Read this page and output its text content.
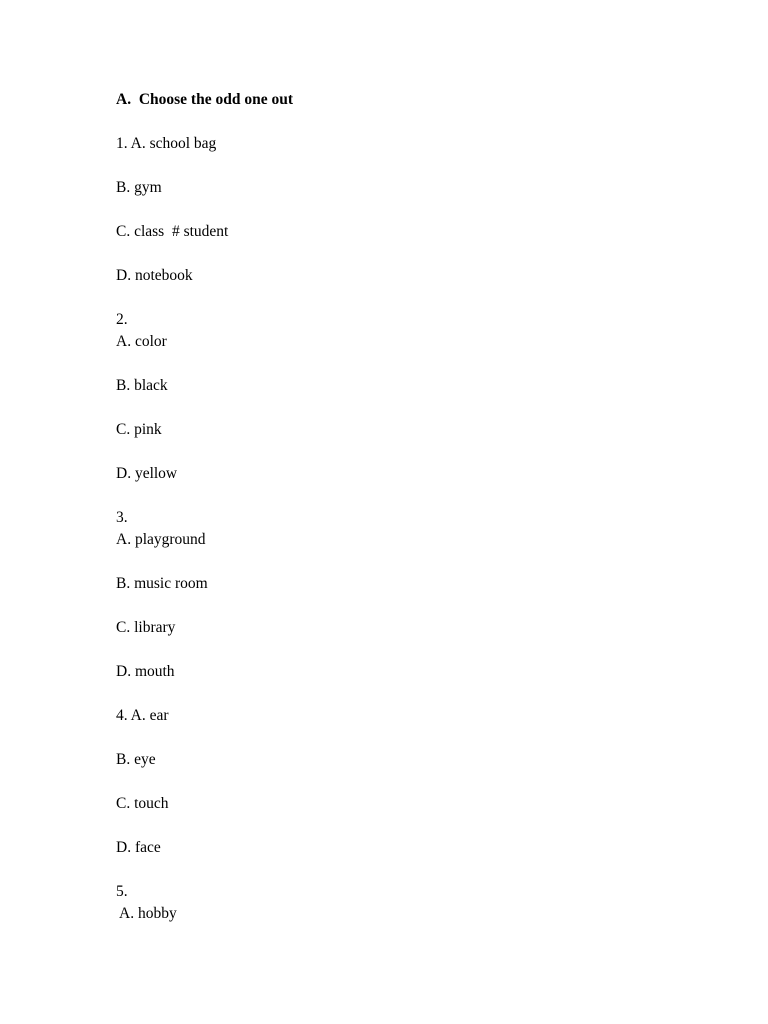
A.  Choose the odd one out
1. A. school bag
B. gym
C. class  # student
D. notebook
2.
A. color
B. black
C. pink
D. yellow
3.
A. playground
B. music room
C. library
D. mouth
4. A. ear
B. eye
C. touch
D. face
5.
A. hobby
